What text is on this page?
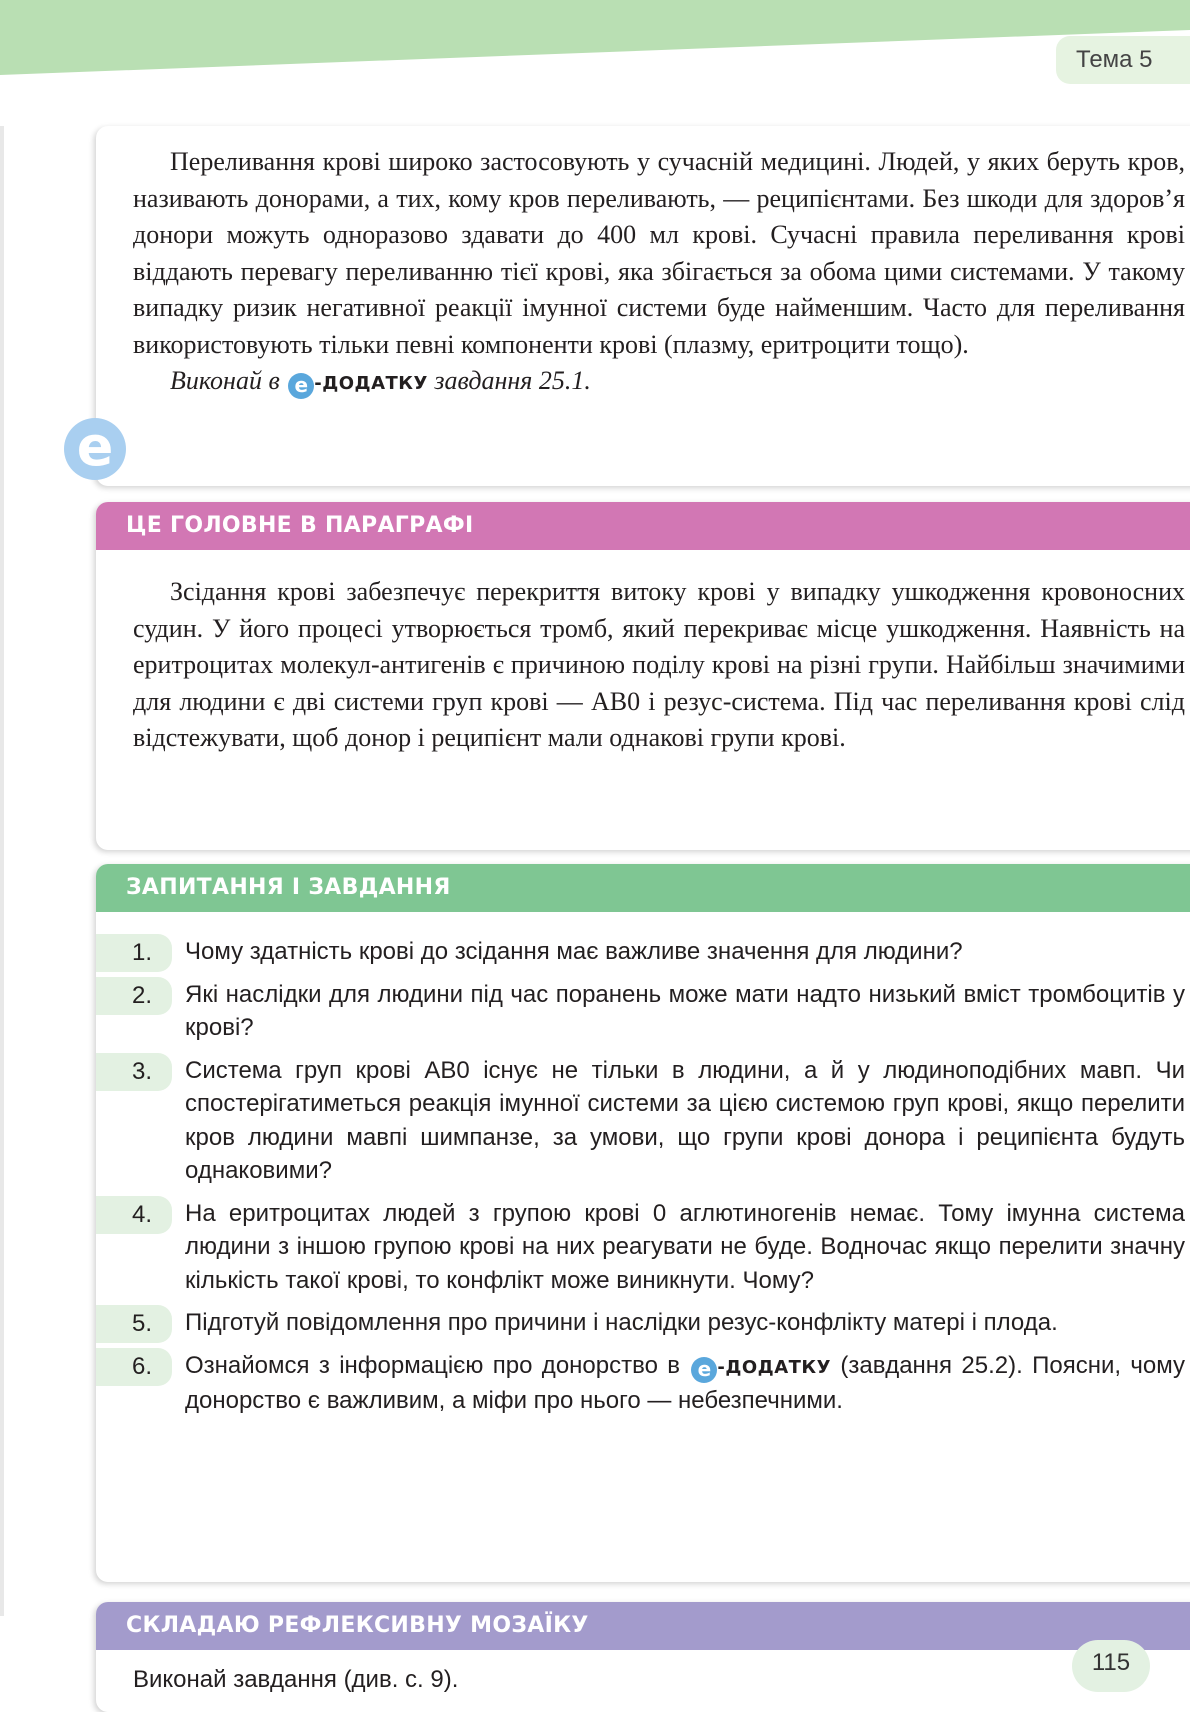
Тема 5

Переливання крові широко застосовують у сучасній медицині. Людей, у яких беруть кров, називають донорами, а тих, кому кров переливають, — реципієнтами. Без шкоди для здоров’я донори можуть одноразово здавати до 400 мл крові. Сучасні правила переливання крові віддають перевагу переливанню тієї крові, яка збігається за обома цими системами. У такому випадку ризик негативної реакції імунної системи буде найменшим. Часто для переливання використовують тільки певні компоненти крові (плазму, еритроцити тощо).

Виконай в e -ДОДАТКУ завдання 25.1.

e
ЦЕ ГОЛОВНЕ В ПАРАГРАФІ

Зсідання крові забезпечує перекриття витоку крові у випадку ушкодження кровоносних судин. У його процесі утворюється тромб, який перекриває місце ушкодження. Наявність на еритроцитах молекул-антигенів є причиною поділу крові на різні групи. Найбільш значимими для людини є дві системи груп крові — АВ0 і резус-система. Під час переливання крові слід відстежувати, щоб донор і реципієнт мали однакові групи крові.

ЗАПИТАННЯ І ЗАВДАННЯ
1.	Чому здатність крові до зсідання має важливе значення для людини?
2.	Які наслідки для людини під час поранень може мати надто низький вміст тромбоцитів у крові?
3.	Система груп крові АВ0 існує не тільки в людини, а й у людиноподібних мавп. Чи спостерігатиметься реакція імунної системи за цією системою груп крові, якщо перелити кров людини мавпі шимпанзе, за умови, що групи крові донора і реципієнта будуть однаковими?
4.	На еритроцитах людей з групою крові 0 аглютиногенів немає. Тому імунна система людини з іншою групою крові на них реагувати не буде. Водночас якщо перелити значну кількість такої крові, то конфлікт може виникнути. Чому?
5.	Підготуй повідомлення про причини і наслідки резус-конфлікту матері і плода.
6.	Ознайомся з інформацією про донорство в e -ДОДАТКУ (завдання 25.2). Поясни, чому донорство є важливим, а міфи про нього — небезпечними.
СКЛАДАЮ РЕФЛЕКСИВНУ МОЗАЇКУ
Виконай завдання (див. с. 9).
115
